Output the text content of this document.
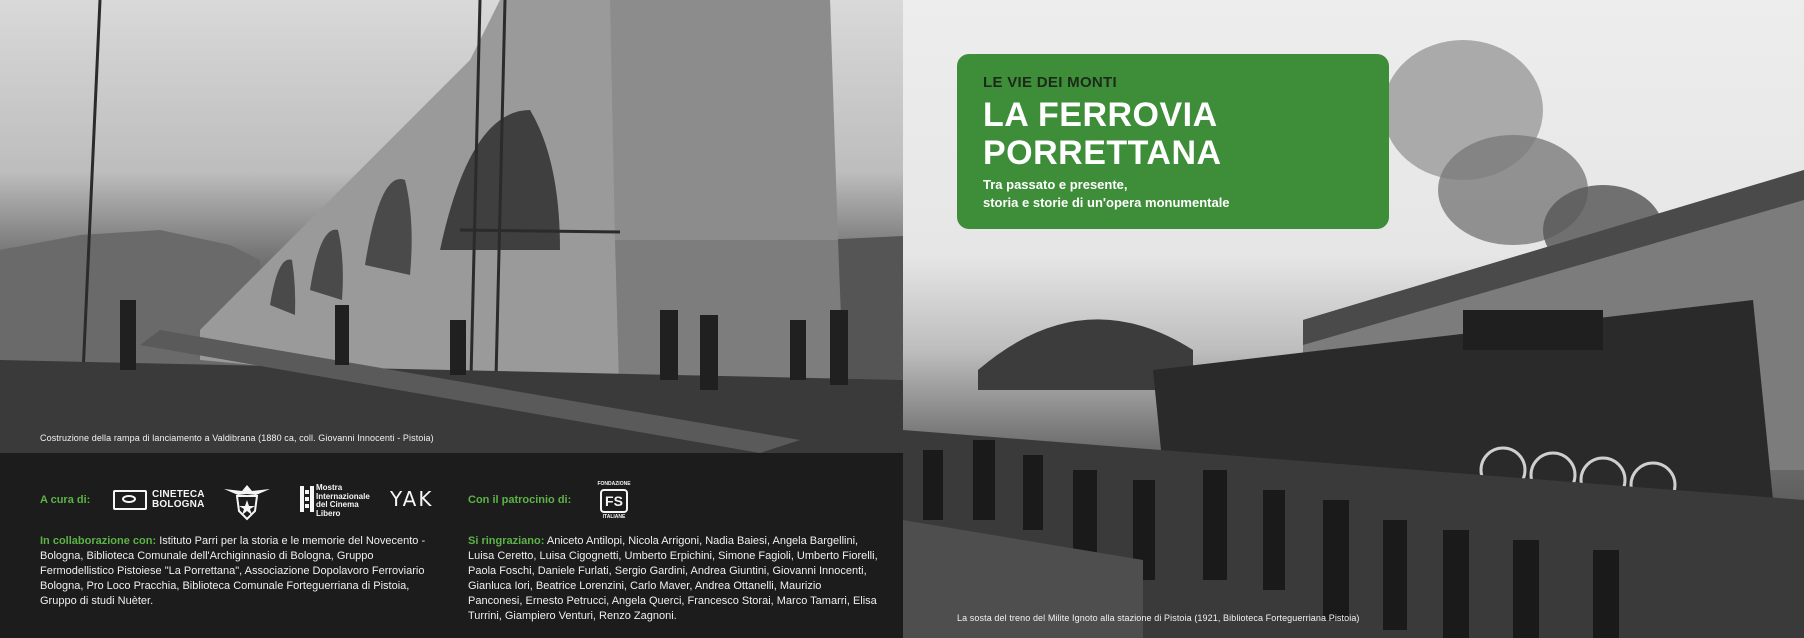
Costruzione della rampa di lanciamento a Valdibrana (1880 ca, coll. Giovanni Innocenti - Pistoia)
A cura di:	CINETECA
BOLOGNA
Mostra
Internazionale
del Cinema
Libero
YAK	Con il patrocinio di:
FONDAZIONE
FS
ITALIANE
In collaborazione con: Istituto Parri per la storia e le memorie del Novecento - Bologna, Biblioteca Comunale dell'Archiginnasio di Bologna, Gruppo Fermodellistico Pistoiese "La Porrettana", Associazione Dopolavoro Ferroviario Bologna, Pro Loco Pracchia, Biblioteca Comunale Forteguerriana di Pistoia, Gruppo di studi Nuèter.
Si ringraziano: Aniceto Antilopi, Nicola Arrigoni, Nadia Baiesi, Angela Bargellini, Luisa Ceretto, Luisa Cigognetti, Umberto Erpichini, Simone Fagioli, Umberto Fiorelli, Paola Foschi, Daniele Furlati, Sergio Gardini, Andrea Giuntini, Giovanni Innocenti, Gianluca Iori, Beatrice Lorenzini, Carlo Maver, Andrea Ottanelli, Maurizio Panconesi, Ernesto Petrucci, Angela Querci, Francesco Storai, Marco Tamarri, Elisa Turrini, Giampiero Venturi, Renzo Zagnoni.	La sosta del treno del Milite Ignoto alla stazione di Pistoia (1921, Biblioteca Forteguerriana Pistoia)
LE VIE DEI MONTI
LA FERROVIA
PORRETTANA
Tra passato e presente,
storia e storie di un'opera monumentale
